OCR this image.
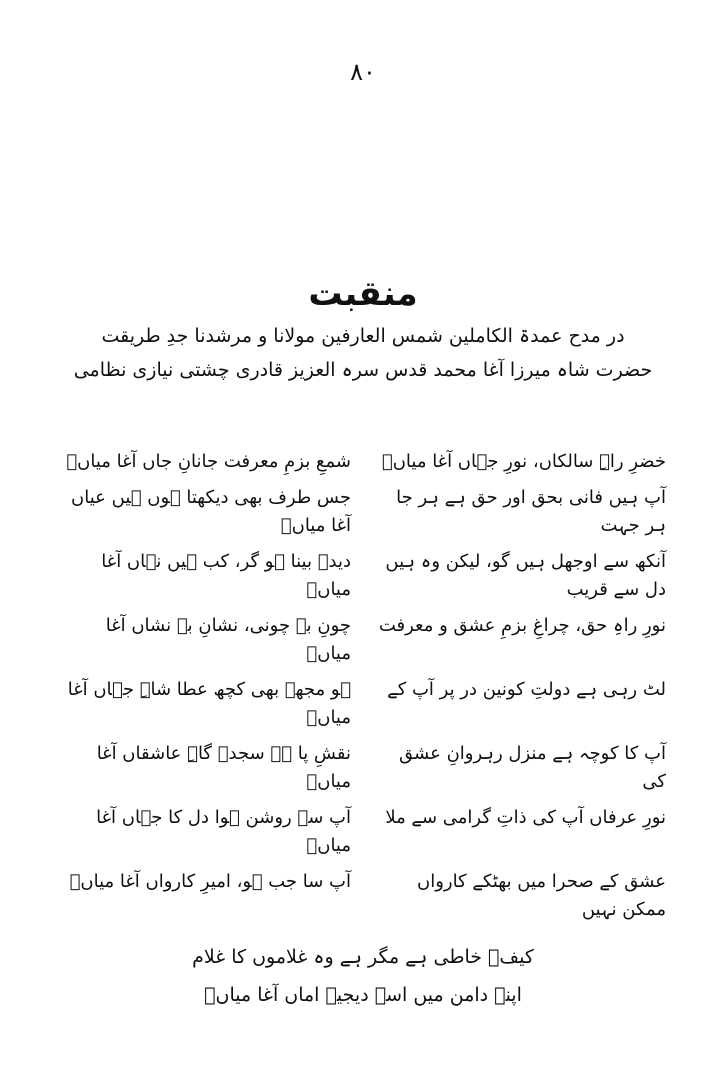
۸۰
منقبت
در مدح عمدۃ الکاملین شمس العارفین مولانا و مرشدنا جدِ طریقت
حضرت شاہ میرزا آغا محمد قدس سرہ العزیز قادری چشتی نیازی نظامی
خضرِ راہِ سالکاں، نورِ جہاں آغا میاںؒ
شمعِ بزمِ معرفت جانانِ جاں آغا میاںؒ
آپ ہیں فانی بحق اور حق ہے ہر جا ہر جہت
جس طرف بھی دیکھتا ہوں ہیں عیاں آغا میاںؒ
آنکھ سے اوجھل ہیں گو، لیکن وہ ہیں دل سے قریب
دیدۂ بینا ہو گر، کب ہیں نہاں آغا میاںؒ
نورِ راہِ حق، چراغِ بزمِ عشق و معرفت
چونِ بے چونی، نشانِ بے نشاں آغا میاںؒ
لٹ رہی ہے دولتِ کونین در پر آپ کے
ہو مجھے بھی کچھ عطا شاہِ جہاں آغا میاںؒ
آپ کا کوچہ ہے منزل رہروانِ عشق کی
نقشِ پا ہے سجدہ گاہِ عاشقاں آغا میاںؒ
نورِ عرفاں آپ کی ذاتِ گرامی سے ملا
آپ سے روشن ہوا دل کا جہاں آغا میاںؒ
عشق کے صحرا میں بھٹکے کارواں ممکن نہیں
آپ سا جب ہو، امیرِ کارواں آغا میاںؒ
کیفؔ خاطی ہے مگر ہے وہ غلاموں کا غلام
اپنے دامن میں اسے دیجیے اماں آغا میاںؒ
